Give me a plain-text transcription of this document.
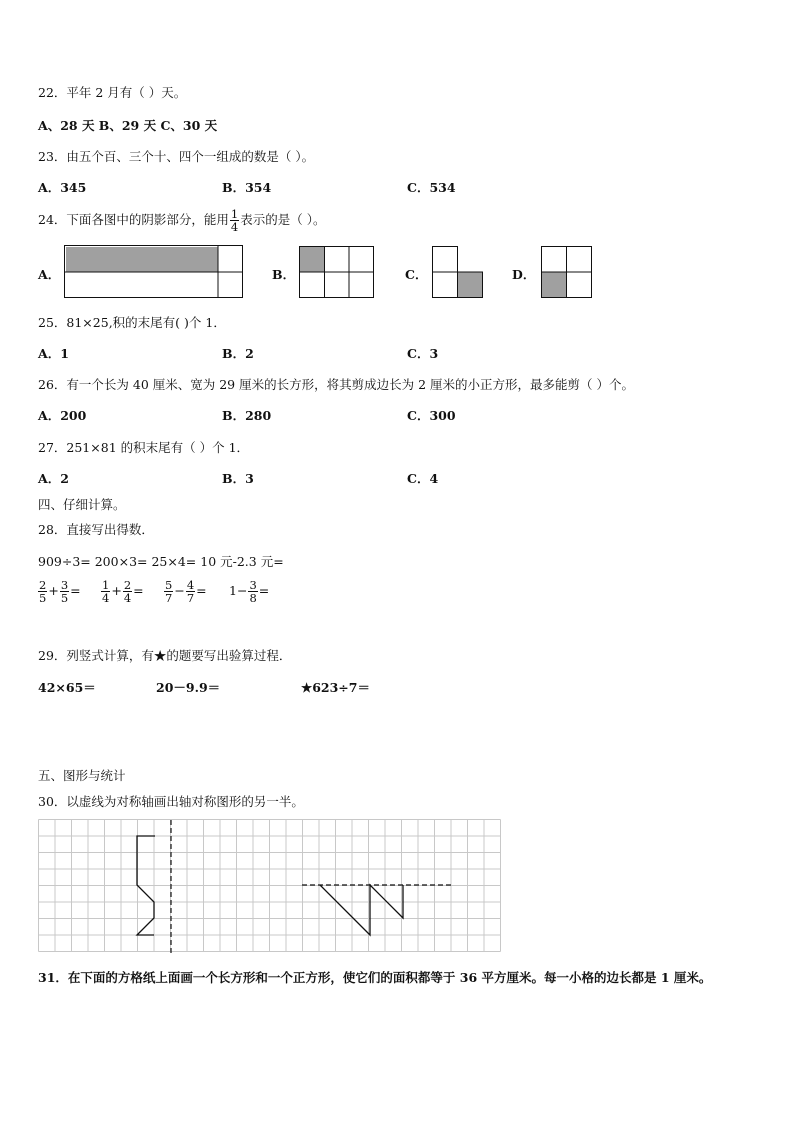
22．平年 2 月有（ ）天。
A、28 天 B、29 天 C、30 天
23．由五个百、三个十、四个一组成的数是（ ）。
A．345	B．354	C．534
24．下面各图中的阴影部分，能用 $\frac{1}{4}$ 表示的是（ ）。
A．	B．	C．	D．
25．81×25,积的末尾有( )个 1．
A．1	B．2	C．3
26．有一个长为 40 厘米、宽为 29 厘米的长方形，将其剪成边长为 2 厘米的小正方形，最多能剪（ ）个。
A．200	B．280	C．300
27．251×81 的积末尾有（ ）个 1．
A．2	B．3	C．4
四、仔细计算。
28．直接写出得数．
909÷3= 200×3= 25×4= 10 元-2.3 元=
$\frac{2}{5} + \frac{3}{5} = \frac{1}{4} + \frac{2}{4} = \frac{5}{7} - \frac{4}{7} = 1- \frac{3}{8}$ =
29．列竖式计算，有★的题要写出验算过程．
42×65＝	20－9.9＝	★623÷7＝
五、图形与统计
30．以虚线为对称轴画出轴对称图形的另一半。
31．在下面的方格纸上面画一个长方形和一个正方形，使它们的面积都等于 36 平方厘米。每一小格的边长都是 1 厘米。
